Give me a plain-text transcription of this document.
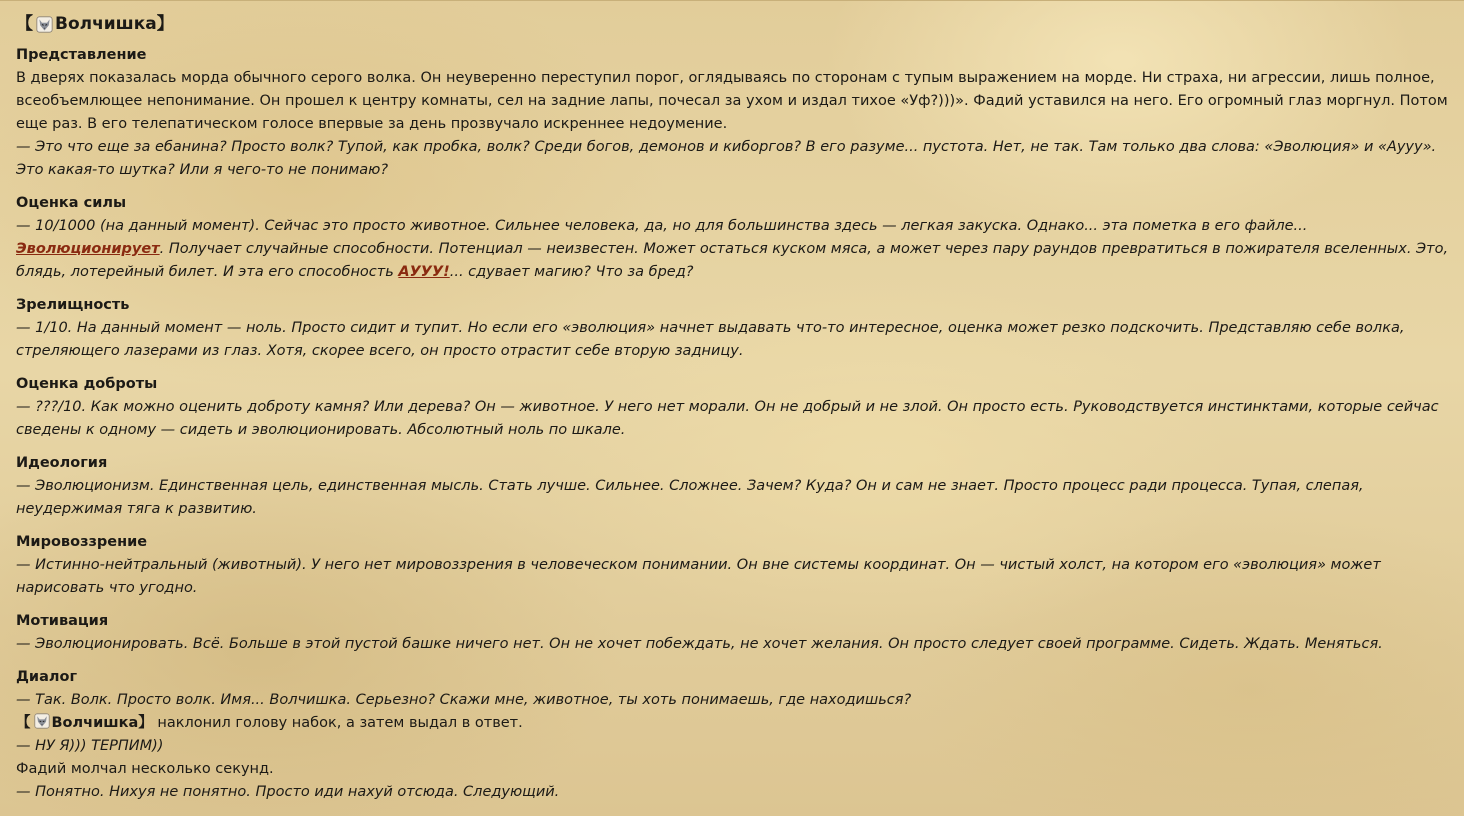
【 Волчишка 】
Представление

В дверях показалась морда обычного серого волка. Он неуверенно переступил порог, оглядываясь по сторонам с тупым выражением на морде. Ни страха, ни агрессии, лишь полное, всеобъемлющее непонимание. Он прошел к центру комнаты, сел на задние лапы, почесал за ухом и издал тихое «Уф?)))». Фадий уставился на него. Его огромный глаз моргнул. Потом еще раз. В его телепатическом голосе впервые за день прозвучало искреннее недоумение.

— Это что еще за ебанина? Просто волк? Тупой, как пробка, волк? Среди богов, демонов и киборгов? В его разуме... пустота. Нет, не так. Там только два слова: «Эволюция» и «Аууу». Это какая-то шутка? Или я чего-то не понимаю?

Оценка силы

— 10/1000 (на данный момент). Сейчас это просто животное. Сильнее человека, да, но для большинства здесь — легкая закуска. Однако... эта пометка в его файле... Эволюционирует. Получает случайные способности. Потенциал — неизвестен. Может остаться куском мяса, а может через пару раундов превратиться в пожирателя вселенных. Это, блядь, лотерейный билет. И эта его способность АУУУ!... сдувает магию? Что за бред?

Зрелищность

— 1/10. На данный момент — ноль. Просто сидит и тупит. Но если его «эволюция» начнет выдавать что-то интересное, оценка может резко подскочить. Представляю себе волка, стреляющего лазерами из глаз. Хотя, скорее всего, он просто отрастит себе вторую задницу.

Оценка доброты

— ???/10. Как можно оценить доброту камня? Или дерева? Он — животное. У него нет морали. Он не добрый и не злой. Он просто есть. Руководствуется инстинктами, которые сейчас сведены к одному — сидеть и эволюционировать. Абсолютный ноль по шкале.

Идеология

— Эволюционизм. Единственная цель, единственная мысль. Стать лучше. Сильнее. Сложнее. Зачем? Куда? Он и сам не знает. Просто процесс ради процесса. Тупая, слепая, неудержимая тяга к развитию.

Мировоззрение

— Истинно-нейтральный (животный). У него нет мировоззрения в человеческом понимании. Он вне системы координат. Он — чистый холст, на котором его «эволюция» может нарисовать что угодно.

Мотивация

— Эволюционировать. Всё. Больше в этой пустой башке ничего нет. Он не хочет побеждать, не хочет желания. Он просто следует своей программе. Сидеть. Ждать. Меняться.

Диалог

— Так. Волк. Просто волк. Имя... Волчишка. Серьезно? Скажи мне, животное, ты хоть понимаешь, где находишься?

【 Волчишка】 наклонил голову набок, а затем выдал в ответ.

— НУ Я))) ТЕРПИМ))

Фадий молчал несколько секунд.

— Понятно. Нихуя не понятно. Просто иди нахуй отсюда. Следующий.
